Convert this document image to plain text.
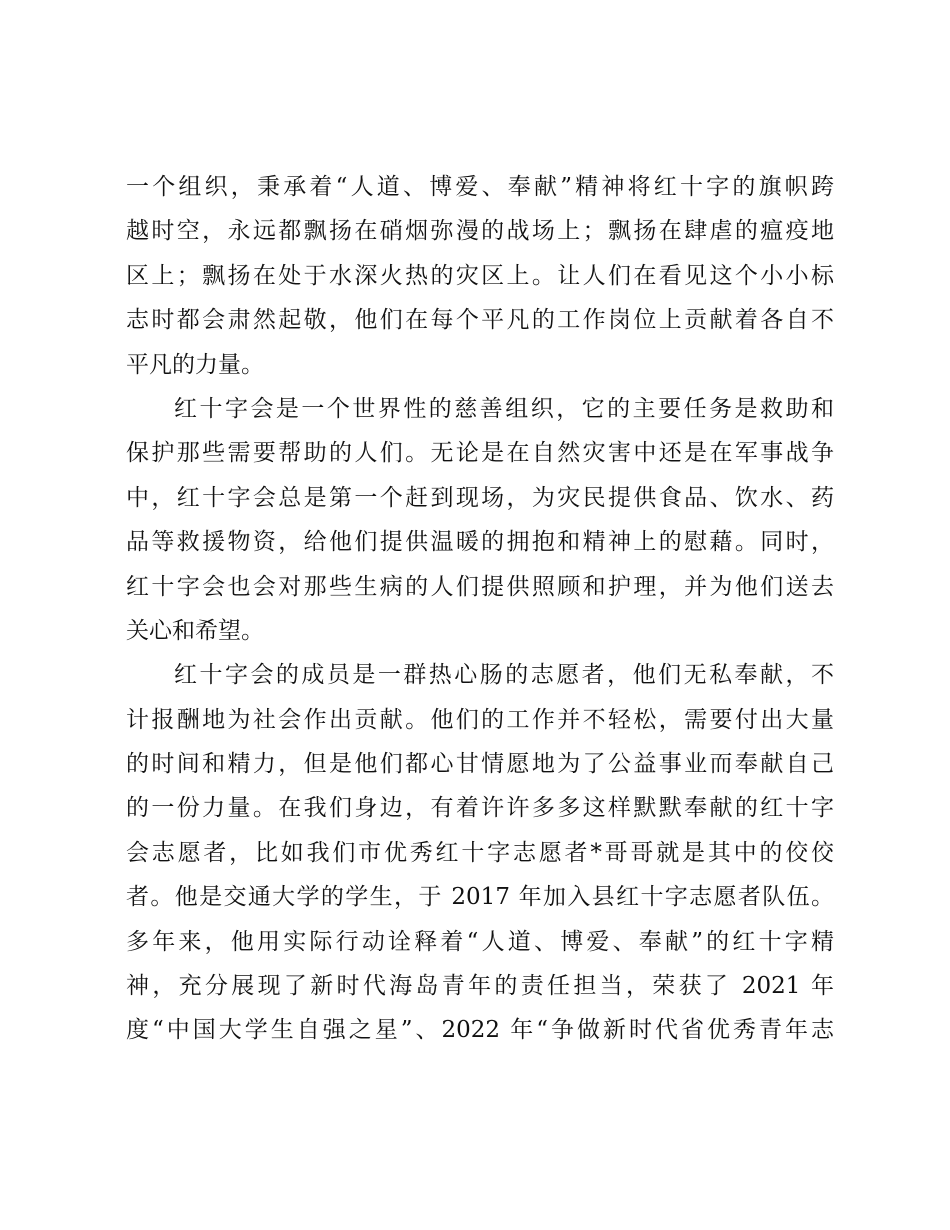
一个组织，秉承着“人道、博爱、奉献”精神将红十字的旗帜跨
越时空，永远都飘扬在硝烟弥漫的战场上；飘扬在肆虐的瘟疫地
区上；飘扬在处于水深火热的灾区上。让人们在看见这个小小标
志时都会肃然起敬，他们在每个平凡的工作岗位上贡献着各自不
平凡的力量。
红十字会是一个世界性的慈善组织，它的主要任务是救助和
保护那些需要帮助的人们。无论是在自然灾害中还是在军事战争
中，红十字会总是第一个赶到现场，为灾民提供食品、饮水、药
品等救援物资，给他们提供温暖的拥抱和精神上的慰藉。同时，
红十字会也会对那些生病的人们提供照顾和护理，并为他们送去
关心和希望。
红十字会的成员是一群热心肠的志愿者，他们无私奉献，不
计报酬地为社会作出贡献。他们的工作并不轻松，需要付出大量
的时间和精力，但是他们都心甘情愿地为了公益事业而奉献自己
的一份力量。在我们身边，有着许许多多这样默默奉献的红十字
会志愿者，比如我们市优秀红十字志愿者*哥哥就是其中的佼佼
者。他是交通大学的学生，于 2017 年加入县红十字志愿者队伍。
多年来，他用实际行动诠释着“人道、博爱、奉献”的红十字精
神，充分展现了新时代海岛青年的责任担当，荣获了 2021 年
度“中国大学生自强之星”、2022 年“争做新时代省优秀青年志
